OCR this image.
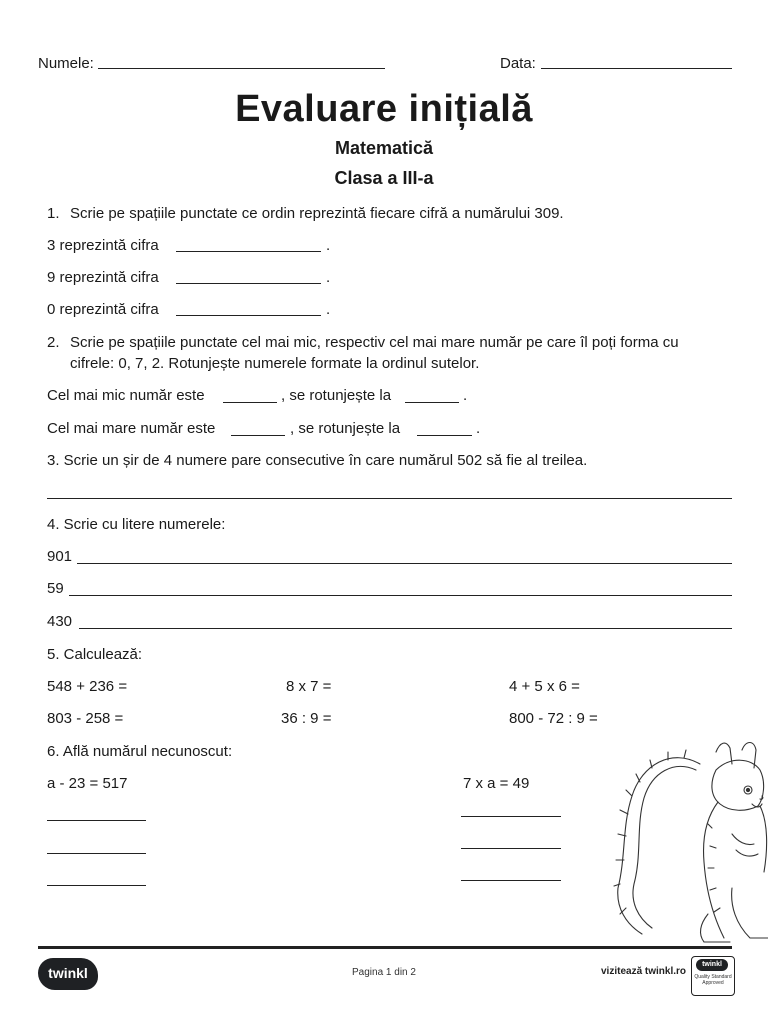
Numele:	Data:
Evaluare inițială
Matematică
Clasa a III-a
1. Scrie pe spațiile punctate ce ordin reprezintă fiecare cifră a numărului 309.
3 reprezintă cifra	.
9 reprezintă cifra	.
0 reprezintă cifra	.
2. Scrie pe spațiile punctate cel mai mic, respectiv cel mai mare număr pe care îl poți forma cu
cifrele: 0, 7, 2. Rotunjește numerele formate la ordinul sutelor.
Cel mai mic număr este	, se rotunjește la	.
Cel mai mare număr este	, se rotunjește la	.
3. Scrie un șir de 4 numere pare consecutive în care numărul 502 să fie al treilea.
4. Scrie cu litere numerele:
901
59
430
5. Calculează:
548 + 236 =	8 x 7 =	4 + 5 x 6 =
803 - 258 =	36 : 9 =	800 - 72 : 9 =
6. Află numărul necunoscut:
a - 23 = 517	7 x a = 49
twinkl	Pagina 1 din 2	vizitează twinkl.ro
twinkl
Quality Standard Approved
